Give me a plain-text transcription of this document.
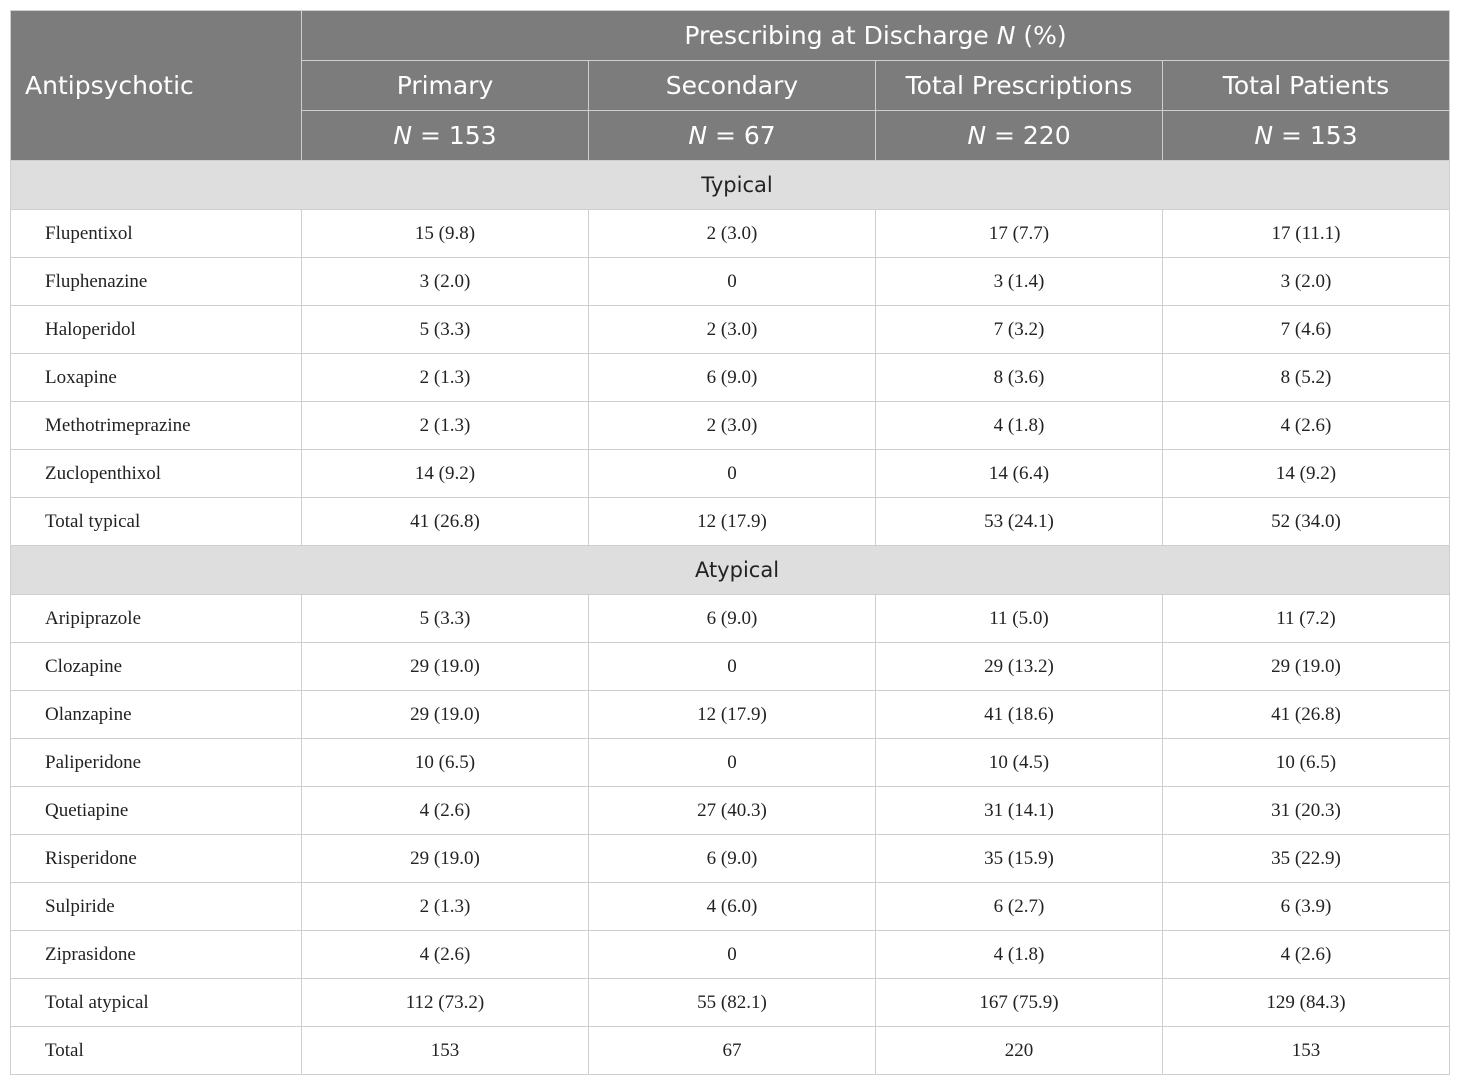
Antipsychotic	Prescribing at Discharge N (%)			
	Primary	Secondary	Total Prescriptions	Total Patients
	N = 153	N = 67	N = 220	N = 153
Typical				
Flupentixol	15 (9.8)	2 (3.0)	17 (7.7)	17 (11.1)
Fluphenazine	3 (2.0)	0	3 (1.4)	3 (2.0)
Haloperidol	5 (3.3)	2 (3.0)	7 (3.2)	7 (4.6)
Loxapine	2 (1.3)	6 (9.0)	8 (3.6)	8 (5.2)
Methotrimeprazine	2 (1.3)	2 (3.0)	4 (1.8)	4 (2.6)
Zuclopenthixol	14 (9.2)	0	14 (6.4)	14 (9.2)
Total typical	41 (26.8)	12 (17.9)	53 (24.1)	52 (34.0)
Atypical				
Aripiprazole	5 (3.3)	6 (9.0)	11 (5.0)	11 (7.2)
Clozapine	29 (19.0)	0	29 (13.2)	29 (19.0)
Olanzapine	29 (19.0)	12 (17.9)	41 (18.6)	41 (26.8)
Paliperidone	10 (6.5)	0	10 (4.5)	10 (6.5)
Quetiapine	4 (2.6)	27 (40.3)	31 (14.1)	31 (20.3)
Risperidone	29 (19.0)	6 (9.0)	35 (15.9)	35 (22.9)
Sulpiride	2 (1.3)	4 (6.0)	6 (2.7)	6 (3.9)
Ziprasidone	4 (2.6)	0	4 (1.8)	4 (2.6)
Total atypical	112 (73.2)	55 (82.1)	167 (75.9)	129 (84.3)
Total	153	67	220	153
